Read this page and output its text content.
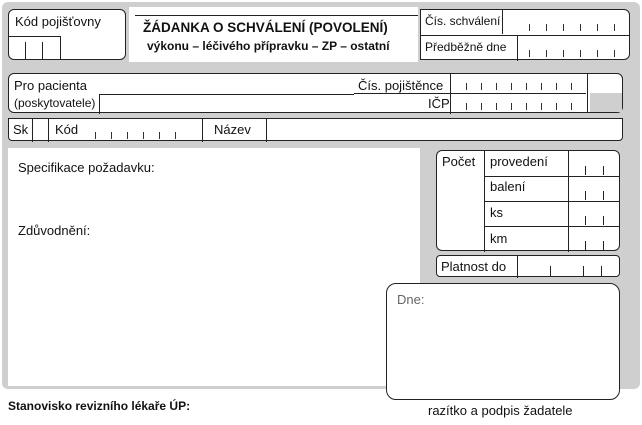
Kód pojišťovny	ŽÁDANKA O SCHVÁLENÍ (POVOLENÍ)
výkonu – léčivého přípravku – ZP – ostatní
Čís. schválení
Předběžně dne
Pro pacienta
(poskytovatele)
Čís. pojištěnce
IČP
Sk Kód	Název
Specifikace požadavku:
Zdůvodnění:
Počet provedení
balení
ks
km
Platnost do
Dne:
Stanovisko revizního lékaře ÚP:	razítko a podpis žadatele
